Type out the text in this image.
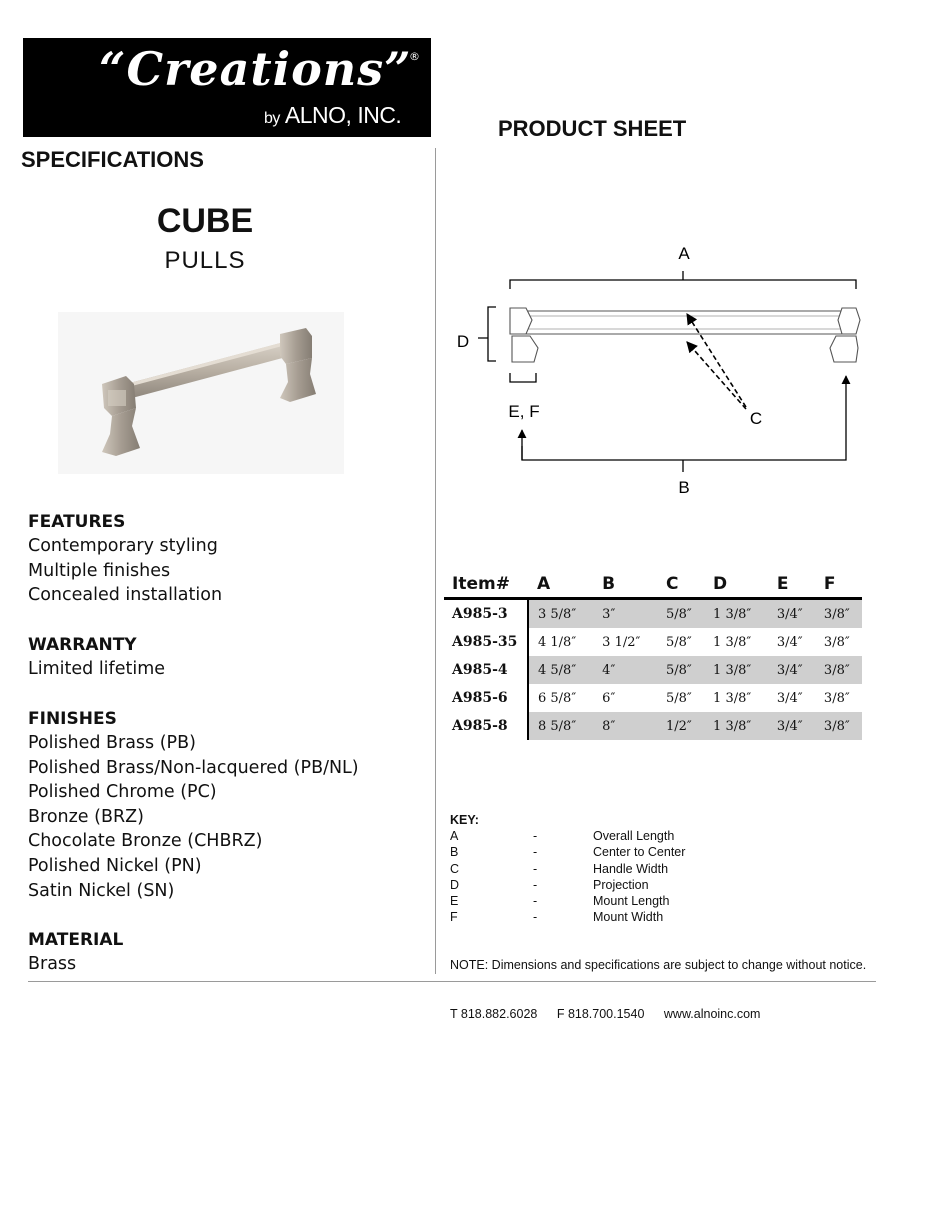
“Creations”
®
by ALNO, INC.
PRODUCT SHEET
SPECIFICATIONS
CUBE
PULLS
FEATURES
Contemporary styling
Multiple finishes
Concealed installation
WARRANTY
Limited lifetime
FINISHES
Polished Brass (PB)
Polished Brass/Non-lacquered (PB/NL)
Polished Chrome (PC)
Bronze (BRZ)
Chocolate Bronze (CHBRZ)
Polished Nickel (PN)
Satin Nickel (SN)
MATERIAL
Brass
A
D
E, F	C
B
Item#	A	B	C	D	E	F
A985-3	3 5/8″	3″	5/8″	1 3/8″	3/4″	3/8″
A985-35	4 1/8″	3 1/2″	5/8″	1 3/8″	3/4″	3/8″
A985-4	4 5/8″	4″	5/8″	1 3/8″	3/4″	3/8″
A985-6	6 5/8″	6″	5/8″	1 3/8″	3/4″	3/8″
A985-8	8 5/8″	8″	1/2″	1 3/8″	3/4″	3/8″
KEY:
A	-	Overall Length
B	-	Center to Center
C	-	Handle Width
D	-	Projection
E	-	Mount Length
F	-	Mount Width
NOTE: Dimensions and specifications are subject to change without notice.
T 818.882.6028 F 818.700.1540 www.alnoinc.com
